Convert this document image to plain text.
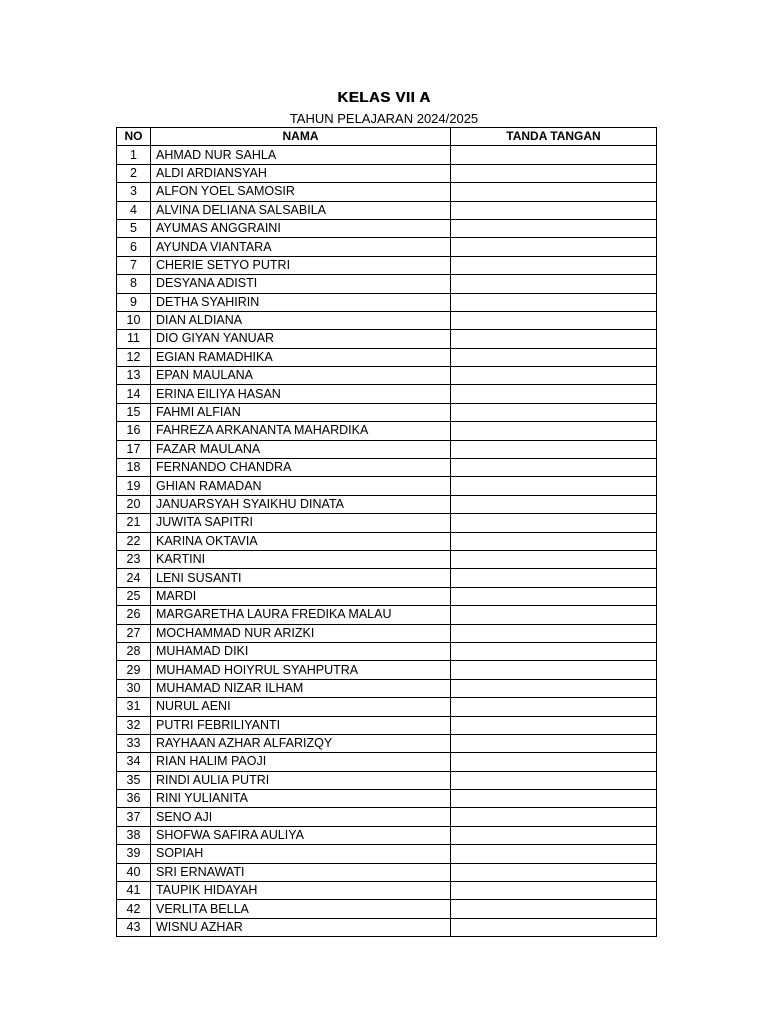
KELAS VII A
TAHUN PELAJARAN 2024/2025
NO	NAMA	TANDA TANGAN
1	AHMAD NUR SAHLA	
2	ALDI ARDIANSYAH	
3	ALFON YOEL SAMOSIR	
4	ALVINA DELIANA SALSABILA	
5	AYUMAS ANGGRAINI	
6	AYUNDA VIANTARA	
7	CHERIE SETYO PUTRI	
8	DESYANA ADISTI	
9	DETHA SYAHIRIN	
10	DIAN ALDIANA	
11	DIO GIYAN YANUAR	
12	EGIAN RAMADHIKA	
13	EPAN MAULANA	
14	ERINA EILIYA HASAN	
15	FAHMI ALFIAN	
16	FAHREZA ARKANANTA MAHARDIKA	
17	FAZAR MAULANA	
18	FERNANDO CHANDRA	
19	GHIAN RAMADAN	
20	JANUARSYAH SYAIKHU DINATA	
21	JUWITA SAPITRI	
22	KARINA OKTAVIA	
23	KARTINI	
24	LENI SUSANTI	
25	MARDI	
26	MARGARETHA LAURA FREDIKA MALAU	
27	MOCHAMMAD NUR ARIZKI	
28	MUHAMAD DIKI	
29	MUHAMAD HOIYRUL SYAHPUTRA	
30	MUHAMAD NIZAR ILHAM	
31	NURUL AENI	
32	PUTRI FEBRILIYANTI	
33	RAYHAAN AZHAR ALFARIZQY	
34	RIAN HALIM PAOJI	
35	RINDI AULIA PUTRI	
36	RINI YULIANITA	
37	SENO AJI	
38	SHOFWA SAFIRA AULIYA	
39	SOPIAH	
40	SRI ERNAWATI	
41	TAUPIK HIDAYAH	
42	VERLITA BELLA	
43	WISNU AZHAR	
